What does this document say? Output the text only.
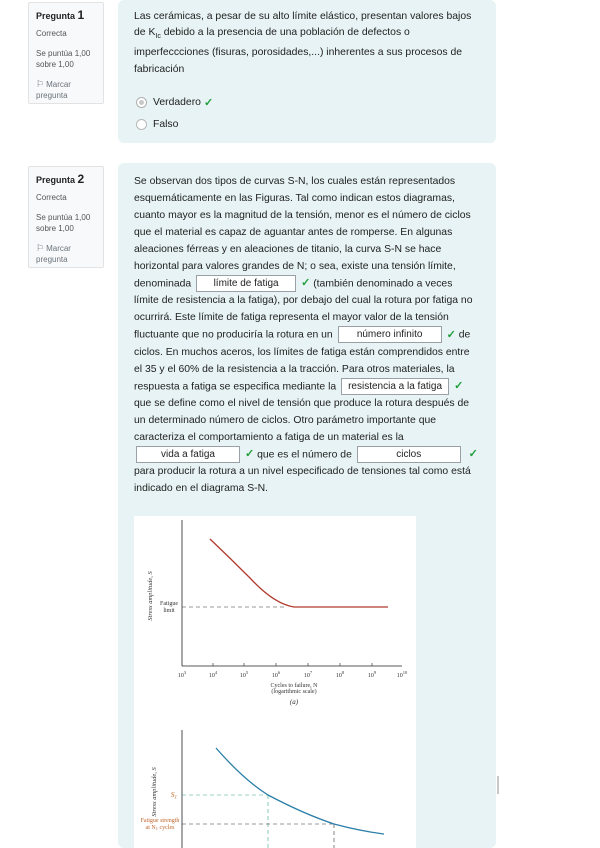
Pregunta 1
Correcta
Se puntúa 1,00
sobre 1,00
⚐ Marcar
pregunta
Las cerámicas, a pesar de su alto límite elástico, presentan valores bajos de $K_{Ic}$ debido a la presencia de una población de defectos o imperfeccciones (fisuras, porosidades,...) inherentes a sus procesos de fabricación
Verdadero ✓
Falso
Pregunta 2
Correcta
Se puntúa 1,00
sobre 1,00
⚐ Marcar
pregunta
Se observan dos tipos de curvas S-N, los cuales están representados esquemáticamente en las Figuras. Tal como indican estos diagramas, cuanto mayor es la magnitud de la tensión, menor es el número de ciclos que el material es capaz de aguantar antes de romperse. En algunas aleaciones férreas y en aleaciones de titanio, la curva S-N se hace horizontal para valores grandes de N; o sea, existe una tensión límite, denominada límite de fatiga ✓ (también denominado a veces límite de resistencia a la fatiga), por debajo del cual la rotura por fatiga no ocurrirá. Este límite de fatiga representa el mayor valor de la tensión fluctuante que no produciría la rotura en un número infinito ✓ de ciclos. En muchos aceros, los límites de fatiga están comprendidos entre el 35 y el 60% de la resistencia a la tracción. Para otros materiales, la respuesta a fatiga se especifica mediante la resistencia a la fatiga ✓ que se define como el nivel de tensión que produce la rotura después de un determinado número de ciclos. Otro parámetro importante que caracteriza el comportamiento a fatiga de un material es la vida a fatiga	✓ que es el número de	ciclos	✓ para producir la rotura a un nivel especificado de tensiones tal como está indicado en el diagrama S-N.
Stress amplitude, S Fatigue
limit
$10^3$
$10^4$
$10^5$
$10^6$
$10^7$
$10^8$
$10^9$
$10^{10}$
Cycles to failure, N
(logarithmic scale)
(a)
Stress amplitude, S $S_1$
Fatigue strength
at N1 cycles
